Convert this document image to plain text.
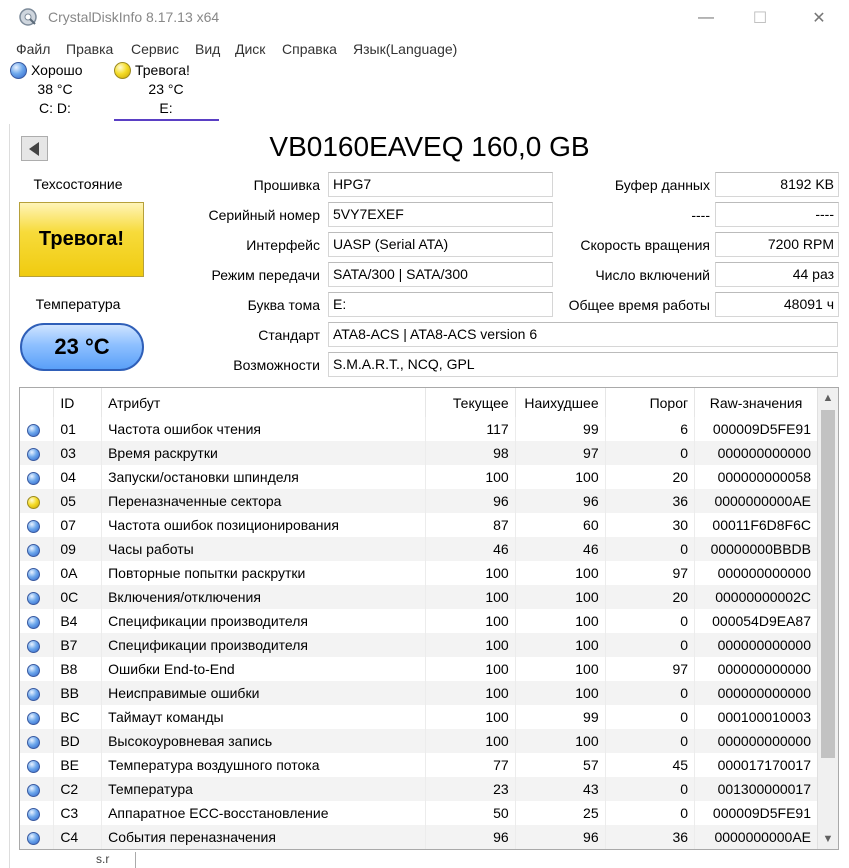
CrystalDiskInfo 8.17.13 x64	—	☐	✕
Файл Правка Сервис Вид Диск Справка Язык(Language)
Хорошо
38 °C
C: D:
Тревога!
23 °C
E:
VB0160EAVEQ 160,0 GB
Техсостояние
Тревога!
Температура
23 °C
Прошивка HPG7
Серийный номер 5VY7EXEF
Интерфейс UASP (Serial ATA)
Режим передачи SATA/300 | SATA/300
Буква тома E:
Стандарт ATA8-ACS | ATA8-ACS version 6
Возможности S.M.A.R.T., NCQ, GPL
Буфер данных	8192 KB
----	----
Скорость вращения	7200 RPM
Число включений	44 раз
Общее время работы	48091 ч
	ID	Атрибут	Текущее	Наихудшее	Порог	Raw-значения
	01	Частота ошибок чтения	117	99	6	000009D5FE91
	03	Время раскрутки	98	97	0	000000000000
	04	Запуски/остановки шпинделя	100	100	20	000000000058
	05	Переназначенные сектора	96	96	36	0000000000AE
	07	Частота ошибок позиционирования	87	60	30	00011F6D8F6C
	09	Часы работы	46	46	0	00000000BBDB
	0A	Повторные попытки раскрутки	100	100	97	000000000000
	0C	Включения/отключения	100	100	20	00000000002C
	B4	Спецификации производителя	100	100	0	000054D9EA87
	B7	Спецификации производителя	100	100	0	000000000000
	B8	Ошибки End-to-End	100	100	97	000000000000
	BB	Неисправимые ошибки	100	100	0	000000000000
	BC	Таймаут команды	100	99	0	000100010003
	BD	Высокоуровневая запись	100	100	0	000000000000
	BE	Температура воздушного потока	77	57	45	000017170017
	C2	Температура	23	43	0	001300000017
	C3	Аппаратное ECC-восстановление	50	25	0	000009D5FE91
	C4	События переназначения	96	96	36	0000000000AE
▲
▼
s.r
